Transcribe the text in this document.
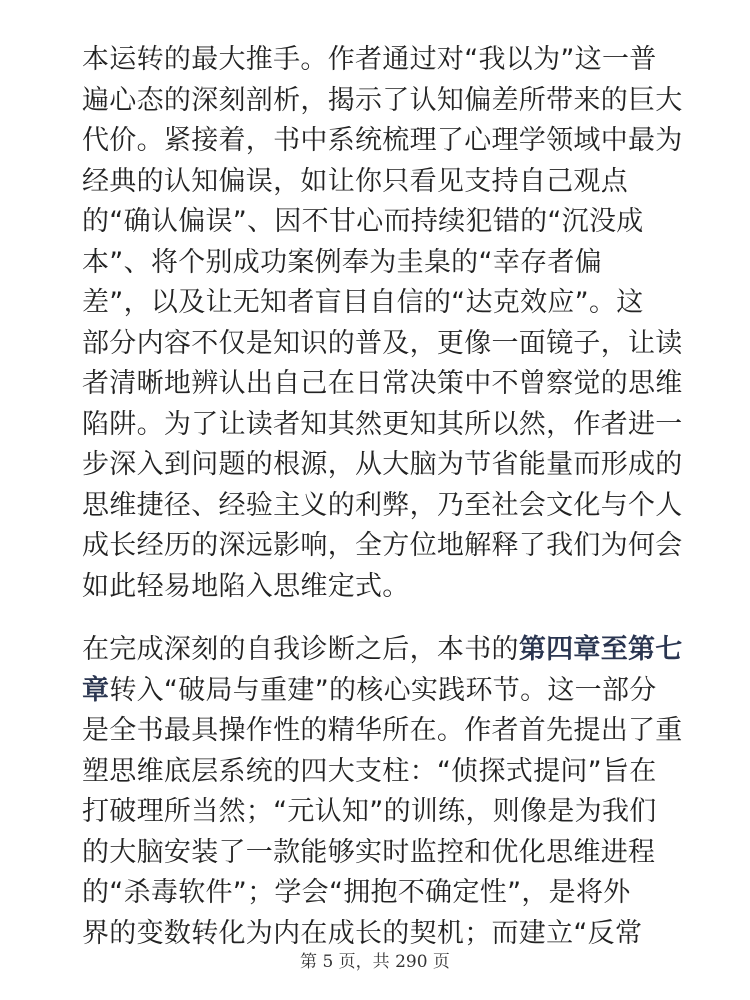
本运转的最大推手。作者通过对“我以为”这一普
遍心态的深刻剖析，揭示了认知偏差所带来的巨大
代价。紧接着，书中系统梳理了心理学领域中最为
经典的认知偏误，如让你只看见支持自己观点
的“确认偏误”、因不甘心而持续犯错的“沉没成
本”、将个别成功案例奉为圭臬的“幸存者偏
差”，以及让无知者盲目自信的“达克效应”。这
部分内容不仅是知识的普及，更像一面镜子，让读
者清晰地辨认出自己在日常决策中不曾察觉的思维
陷阱。为了让读者知其然更知其所以然，作者进一
步深入到问题的根源，从大脑为节省能量而形成的
思维捷径、经验主义的利弊，乃至社会文化与个人
成长经历的深远影响，全方位地解释了我们为何会
如此轻易地陷入思维定式。

在完成深刻的自我诊断之后，本书的第四章至第七
章转入“破局与重建”的核心实践环节。这一部分
是全书最具操作性的精华所在。作者首先提出了重
塑思维底层系统的四大支柱：“侦探式提问”旨在
打破理所当然；“元认知”的训练，则像是为我们
的大脑安装了一款能够实时监控和优化思维进程
的“杀毒软件”；学会“拥抱不确定性”，是将外
界的变数转化为内在成长的契机；而建立“反常

第 5 页，共 290 页
